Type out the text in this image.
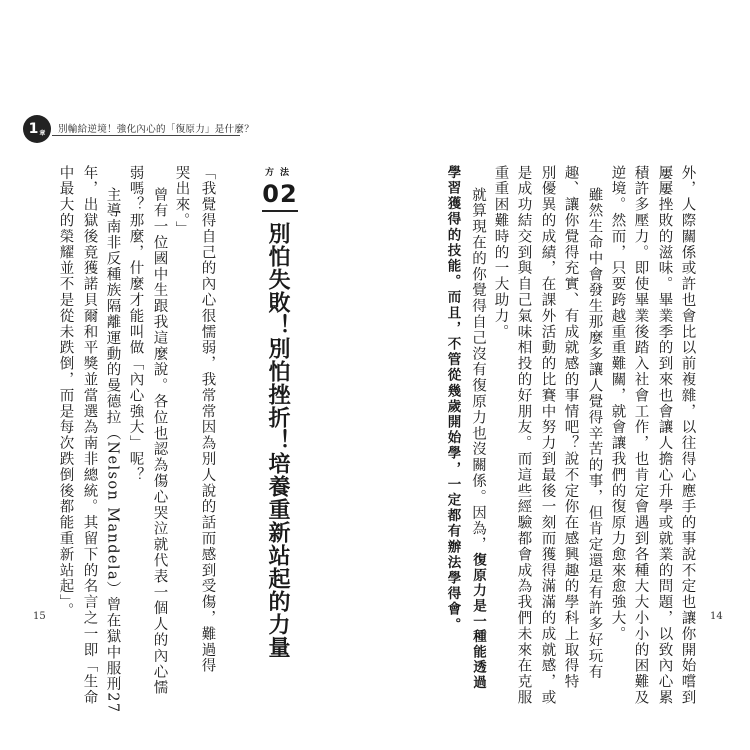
1 章 別輸給逆境！強化內心的「復原力」是什麼？
方法
02
別怕失敗！別怕挫折！培養重新站起的力量
「我覺得自己的內心很懦弱，我常常因為別人說的話而感到受傷，難過得
哭出來。」
曾有一位國中生跟我這麼說。各位也認為傷心哭泣就代表一個人的內心懦
弱嗎？那麼，什麼才能叫做「內心強大」呢？
主導南非反種族隔離運動的曼德拉（Nelson Mandela）曾在獄中服刑27
年，出獄後竟獲諾貝爾和平獎並當選為南非總統。其留下的名言之一即「生命
中最大的榮耀並不是從未跌倒，而是每次跌倒後都能重新站起」。
15	外，人際關係或許也會比以前複雜，以往得心應手的事說不定也讓你開始嚐到
屢屢挫敗的滋味。畢業季的到來也會讓人擔心升學或就業的問題，以致內心累
積許多壓力。即使畢業後踏入社會工作，也肯定會遇到各種大大小小的困難及
逆境。然而，只要跨越重重難關，就會讓我們的復原力愈來愈強大。
雖然生命中會發生那麼多讓人覺得辛苦的事，但肯定還是有許多好玩有
趣、讓你覺得充實、有成就感的事情吧？說不定你在感興趣的學科上取得特
別優異的成績，在課外活動的比賽中努力到最後一刻而獲得滿滿的成就感，或
是成功結交到與自己氣味相投的好朋友。而這些經驗都會成為我們未來在克服
重重困難時的一大助力。
就算現在的你覺得自己沒有復原力也沒關係。因為，復原力是一種能透過
學習獲得的技能。而且，不管從幾歲開始學，一定都有辦法學得會。	14
